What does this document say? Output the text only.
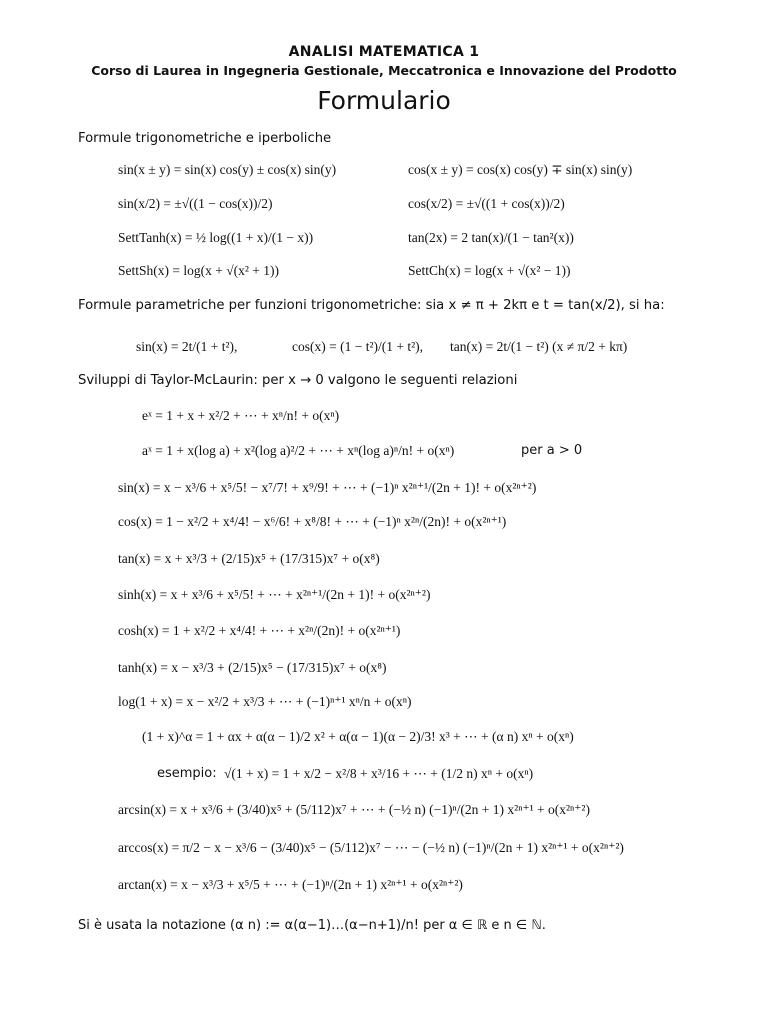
ANALISI MATEMATICA 1
Corso di Laurea in Ingegneria Gestionale, Meccatronica e Innovazione del Prodotto
Formulario
Formule trigonometriche e iperboliche
sin(x ± y) = sin(x) cos(y) ± cos(x) sin(y)
sin(x/2) = ±√((1 − cos(x))/2)
SettTanh(x) = ½ log((1 + x)/(1 − x))
SettSh(x) = log(x + √(x² + 1))
cos(x ± y) = cos(x) cos(y) ∓ sin(x) sin(y)
cos(x/2) = ±√((1 + cos(x))/2)
tan(2x) = 2 tan(x)/(1 − tan²(x))
SettCh(x) = log(x + √(x² − 1))
Formule parametriche per funzioni trigonometriche: sia x ≠ π + 2kπ e t = tan(x/2), si ha:
sin(x) = 2t/(1 + t²),	cos(x) = (1 − t²)/(1 + t²), tan(x) = 2t/(1 − t²) (x ≠ π/2 + kπ)
Sviluppi di Taylor-McLaurin: per x → 0 valgono le seguenti relazioni
eˣ = 1 + x + x²/2 + ⋯ + xⁿ/n! + o(xⁿ)
aˣ = 1 + x(log a) + x²(log a)²/2 + ⋯ + xⁿ(log a)ⁿ/n! + o(xⁿ)	per a > 0
sin(x) = x − x³/6 + x⁵/5! − x⁷/7! + x⁹/9! + ⋯ + (−1)ⁿ x²ⁿ⁺¹/(2n + 1)! + o(x²ⁿ⁺²)
cos(x) = 1 − x²/2 + x⁴/4! − x⁶/6! + x⁸/8! + ⋯ + (−1)ⁿ x²ⁿ/(2n)! + o(x²ⁿ⁺¹)
tan(x) = x + x³/3 + (2/15)x⁵ + (17/315)x⁷ + o(x⁸)
sinh(x) = x + x³/6 + x⁵/5! + ⋯ + x²ⁿ⁺¹/(2n + 1)! + o(x²ⁿ⁺²)
cosh(x) = 1 + x²/2 + x⁴/4! + ⋯ + x²ⁿ/(2n)! + o(x²ⁿ⁺¹)
tanh(x) = x − x³/3 + (2/15)x⁵ − (17/315)x⁷ + o(x⁸)
log(1 + x) = x − x²/2 + x³/3 + ⋯ + (−1)ⁿ⁺¹ xⁿ/n + o(xⁿ)
(1 + x)^α = 1 + αx + α(α − 1)/2 x² + α(α − 1)(α − 2)/3! x³ + ⋯ + (α n) xⁿ + o(xⁿ)
esempio: √(1 + x) = 1 + x/2 − x²/8 + x³/16 + ⋯ + (1/2 n) xⁿ + o(xⁿ)
arcsin(x) = x + x³/6 + (3/40)x⁵ + (5/112)x⁷ + ⋯ + (−½ n) (−1)ⁿ/(2n + 1) x²ⁿ⁺¹ + o(x²ⁿ⁺²)
arccos(x) = π/2 − x − x³/6 − (3/40)x⁵ − (5/112)x⁷ − ⋯ − (−½ n) (−1)ⁿ/(2n + 1) x²ⁿ⁺¹ + o(x²ⁿ⁺²)
arctan(x) = x − x³/3 + x⁵/5 + ⋯ + (−1)ⁿ/(2n + 1) x²ⁿ⁺¹ + o(x²ⁿ⁺²)
Si è usata la notazione (α n) := α(α−1)…(α−n+1)/n! per α ∈ ℝ e n ∈ ℕ.
